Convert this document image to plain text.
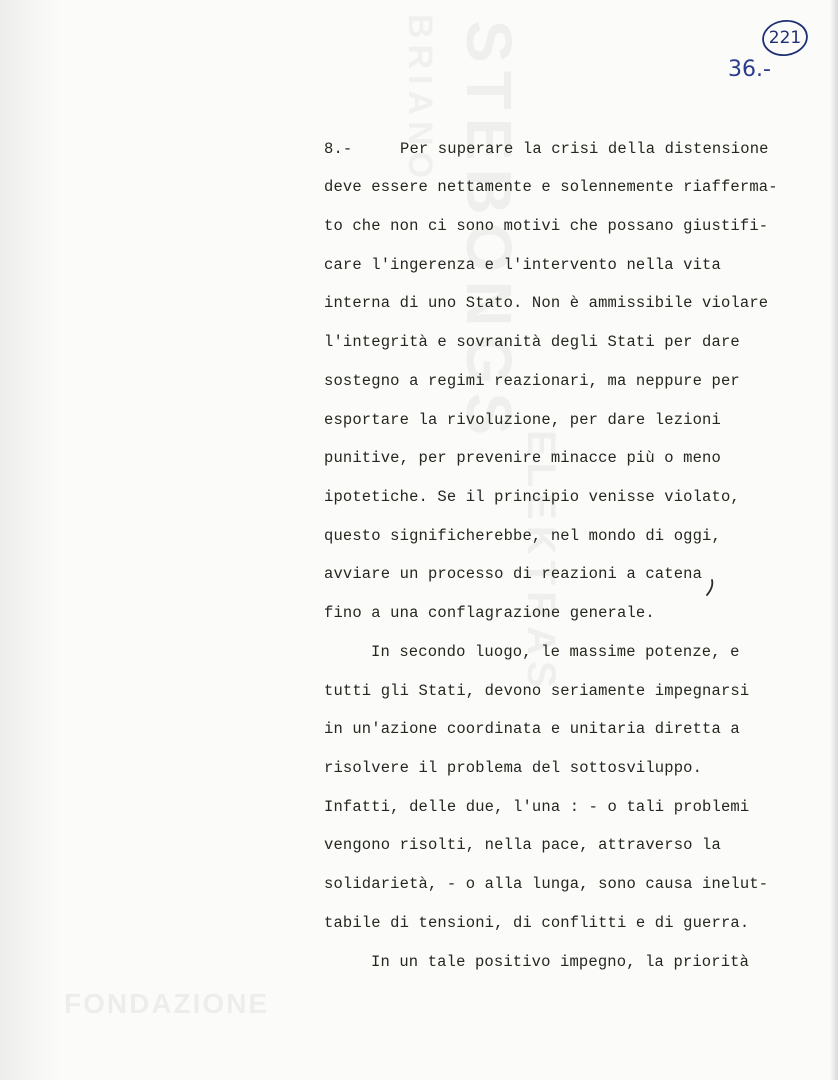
FONDAZIONE
221
36.-
8.-	Per superare la crisi della distensione
deve essere nettamente e solennemente riafferma-
to che non ci sono motivi che possano giustifi-
care l'ingerenza e l'intervento nella vita
interna di uno Stato. Non è ammissibile violare
l'integrità e sovranità degli Stati per dare
sostegno a regimi reazionari, ma neppure per
esportare la rivoluzione, per dare lezioni
punitive, per prevenire minacce più o meno
ipotetiche. Se il principio venisse violato,
questo significherebbe, nel mondo di oggi,
avviare un processo di reazioni a catena
fino a una conflagrazione generale.
In secondo luogo, le massime potenze, e
tutti gli Stati, devono seriamente impegnarsi
in un'azione coordinata e unitaria diretta a
risolvere il problema del sottosviluppo.
Infatti, delle due, l'una : - o tali problemi
vengono risolti, nella pace, attraverso la
solidarietà, - o alla lunga, sono causa inelut-
tabile di tensioni, di conflitti e di guerra.
In un tale positivo impegno, la priorità
